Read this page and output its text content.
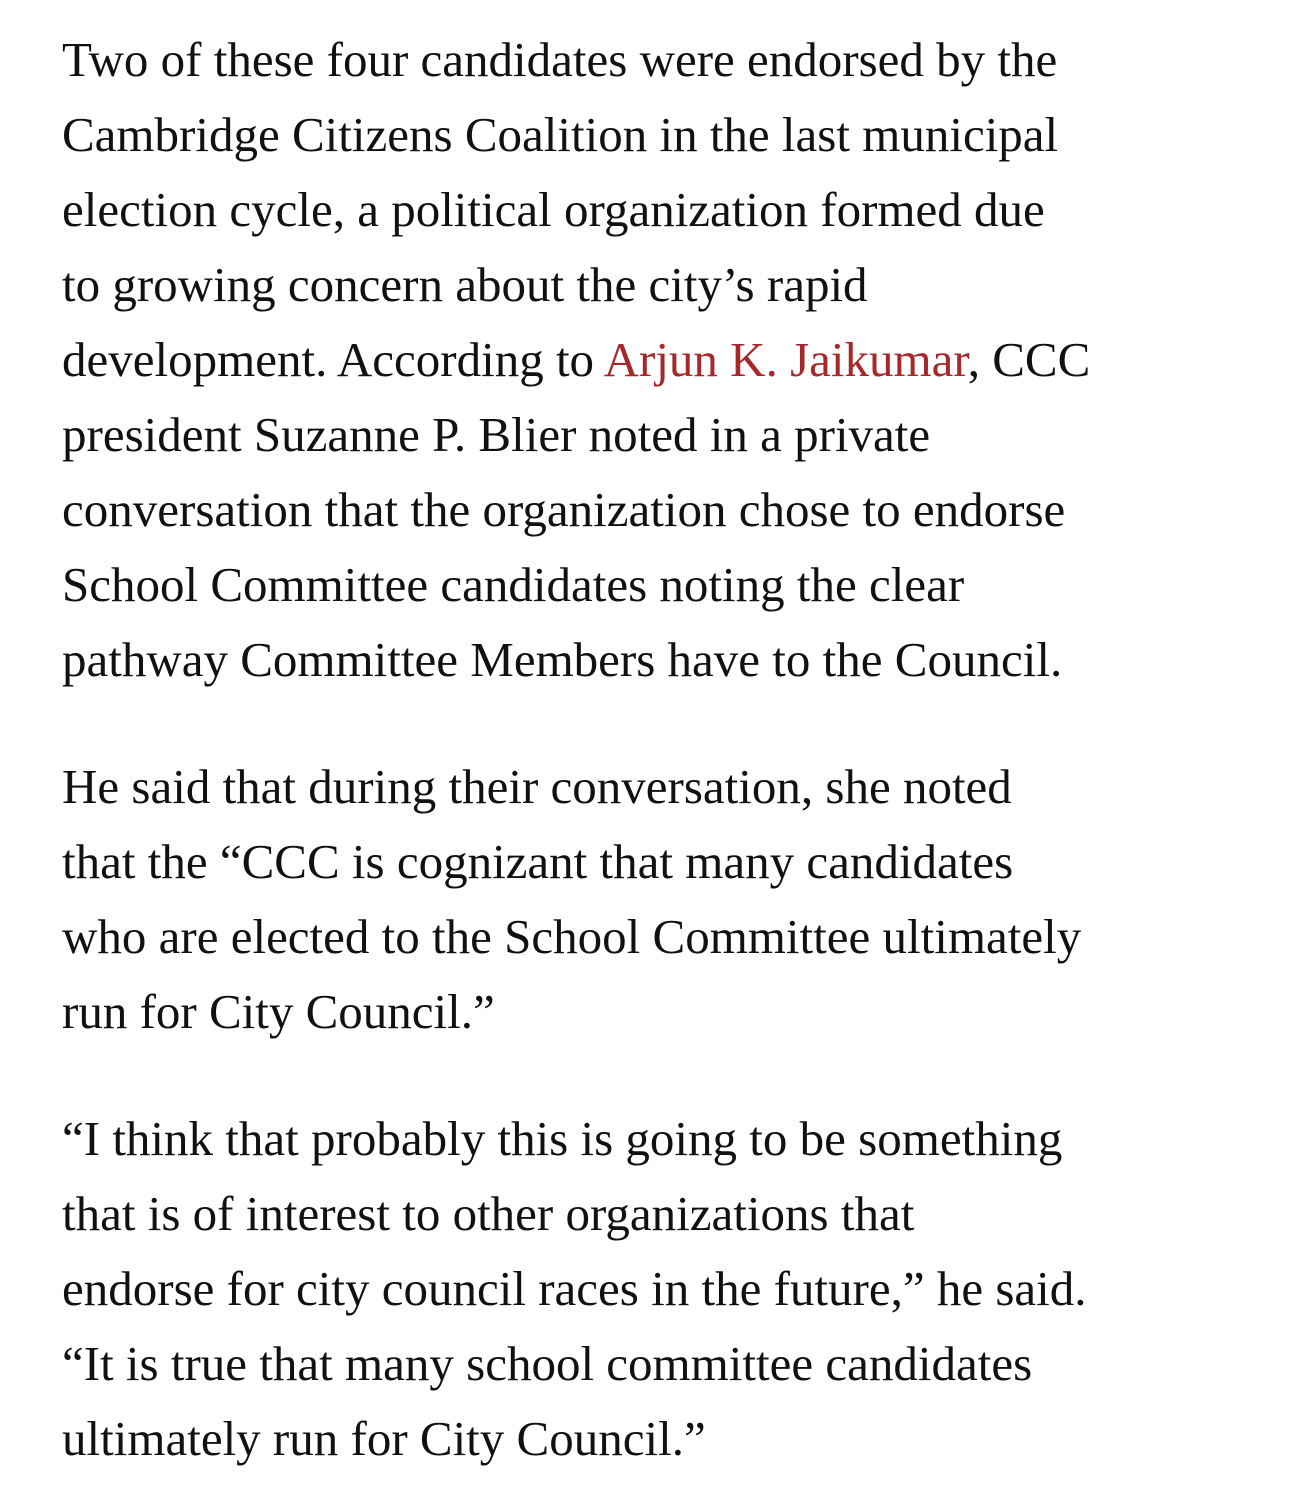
Two of these four candidates were endorsed by the
Cambridge Citizens Coalition in the last municipal
election cycle, a political organization formed due
to growing concern about the city’s rapid
development. According to Arjun K. Jaikumar, CCC
president Suzanne P. Blier noted in a private
conversation that the organization chose to endorse
School Committee candidates noting the clear
pathway Committee Members have to the Council.

He said that during their conversation, she noted
that the “CCC is cognizant that many candidates
who are elected to the School Committee ultimately
run for City Council.”

“I think that probably this is going to be something
that is of interest to other organizations that
endorse for city council races in the future,” he said.
“It is true that many school committee candidates
ultimately run for City Council.”
